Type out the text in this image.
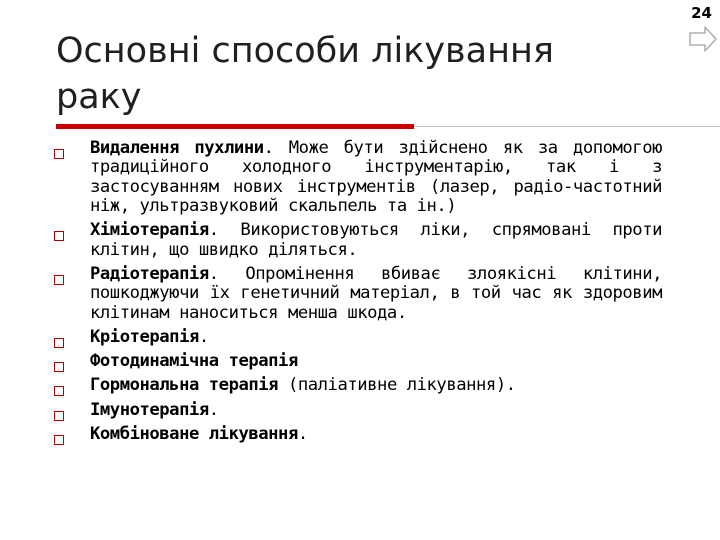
24
Основні способи лікування раку
Видалення пухлини. Може бути здійснено як за допомогою традиційного холодного інструментарію, так і з застосуванням нових інструментів (лазер, радіо-частотний ніж, ультразвуковий скальпель та ін.)
Хіміотерапія. Використовуються ліки, спрямовані проти клітин, що швидко діляться.
Радіотерапія. Опромінення вбиває злоякісні клітини, пошкоджуючи їх генетичний матеріал, в той час як здоровим клітинам наноситься менша шкода.
Кріотерапія.
Фотодинамічна терапія
Гормональна терапія (паліативне лікування).
Імунотерапія.
Комбіноване лікування.
